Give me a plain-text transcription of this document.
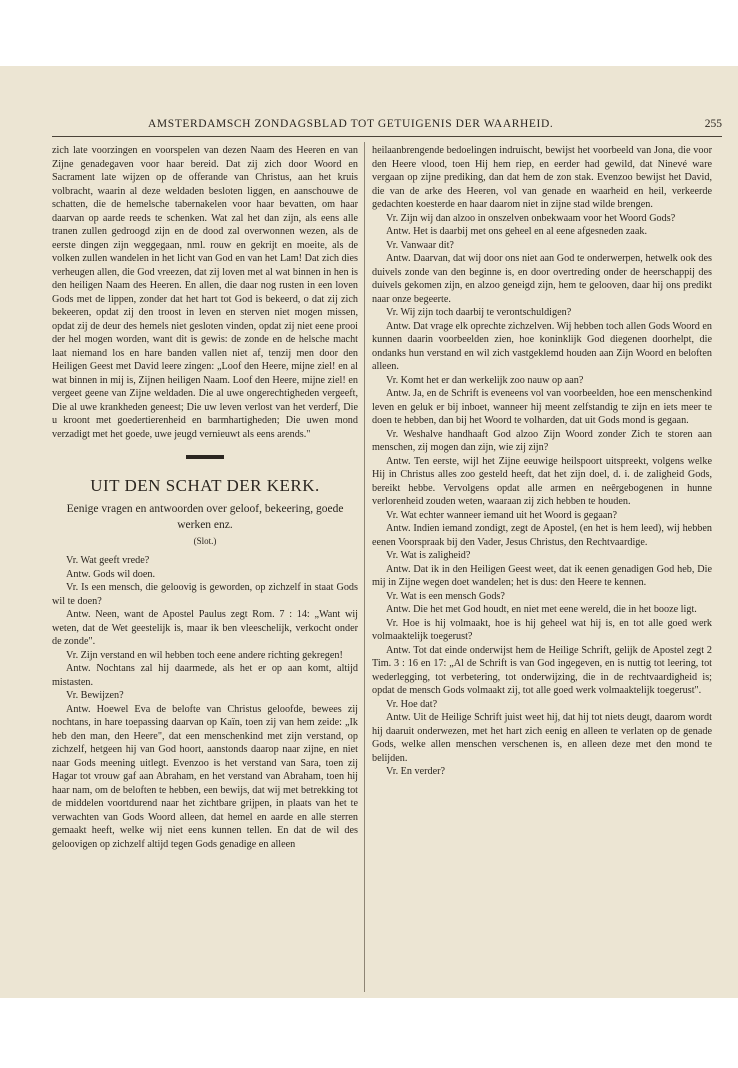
AMSTERDAMSCH ZONDAGSBLAD TOT GETUIGENIS DER WAARHEID.	255

zich late voorzingen en voorspelen van dezen Naam des Heeren en van Zijne genadegaven voor haar bereid. Dat zij zich door Woord en Sacrament late wijzen op de offerande van Christus, aan het kruis volbracht, waarin al deze weldaden besloten liggen, en aanschouwe de schatten, die de hemelsche tabernakelen voor haar bevatten, om haar daarvan op aarde reeds te schenken. Wat zal het dan zijn, als eens alle tranen zullen gedroogd zijn en de dood zal overwonnen wezen, als de eerste dingen zijn weggegaan, nml. rouw en gekrijt en moeite, als de volken zullen wandelen in het licht van God en van het Lam! Dat zich dies verheugen allen, die God vreezen, dat zij loven met al wat binnen in hen is den heiligen Naam des Heeren. En allen, die daar nog rusten in een loven Gods met de lippen, zonder dat het hart tot God is bekeerd, o dat zij zich bekeeren, opdat zij den troost in leven en sterven niet mogen missen, opdat zij de deur des hemels niet gesloten vinden, opdat zij niet eene prooi der hel mogen worden, want dit is gewis: de zonde en de helsche macht laat niemand los en hare banden vallen niet af, tenzij men door den Heiligen Geest met David leere zingen: „Loof den Heere, mijne ziel! en al wat binnen in mij is, Zijnen heiligen Naam. Loof den Heere, mijne ziel! en vergeet geene van Zijne weldaden. Die al uwe ongerechtigheden vergeeft, Die al uwe krankheden geneest; Die uw leven verlost van het verderf, Die u kroont met goedertierenheid en barmhartigheden; Die uwen mond verzadigt met het goede, uwe jeugd vernieuwt als eens arends."

UIT DEN SCHAT DER KERK.
Eenige vragen en antwoorden over geloof, bekeering, goede werken enz.
(Slot.)

Vr. Wat geeft vrede?

Antw. Gods wil doen.

Vr. Is een mensch, die geloovig is geworden, op zichzelf in staat Gods wil te doen?

Antw. Neen, want de Apostel Paulus zegt Rom. 7 : 14: „Want wij weten, dat de Wet geestelijk is, maar ik ben vleeschelijk, verkocht onder de zonde".

Vr. Zijn verstand en wil hebben toch eene andere richting gekregen!

Antw. Nochtans zal hij daarmede, als het er op aan komt, altijd mistasten.

Vr. Bewijzen?

Antw. Hoewel Eva de belofte van Christus geloofde, bewees zij nochtans, in hare toepassing daarvan op Kaïn, toen zij van hem zeide: „Ik heb den man, den Heere", dat een menschenkind met zijn verstand, op zichzelf, hetgeen hij van God hoort, aanstonds daarop naar zijne, en niet naar Gods meening uitlegt. Evenzoo is het verstand van Sara, toen zij Hagar tot vrouw gaf aan Abraham, en het verstand van Abraham, toen hij haar nam, om de beloften te hebben, een bewijs, dat wij met betrekking tot de middelen voortdurend naar het zichtbare grijpen, in plaats van het te verwachten van Gods Woord alleen, dat hemel en aarde en alle sterren gemaakt heeft, welke wij niet eens kunnen tellen. En dat de wil des geloovigen op zichzelf altijd tegen Gods genadige en alleen

heilaanbrengende bedoelingen indruischt, bewijst het voorbeeld van Jona, die voor den Heere vlood, toen Hij hem riep, en eerder had gewild, dat Ninevé ware vergaan op zijne prediking, dan dat hem de zon stak. Evenzoo bewijst het David, die van de arke des Heeren, vol van genade en waarheid en heil, verkeerde gedachten koesterde en haar daarom niet in zijne stad wilde brengen.

Vr. Zijn wij dan alzoo in onszelven onbekwaam voor het Woord Gods?

Antw. Het is daarbij met ons geheel en al eene afgesneden zaak.

Vr. Vanwaar dit?

Antw. Daarvan, dat wij door ons niet aan God te onderwerpen, hetwelk ook des duivels zonde van den beginne is, en door overtreding onder de heerschappij des duivels gekomen zijn, en alzoo geneigd zijn, hem te gelooven, daar hij ons predikt naar onze begeerte.

Vr. Wij zijn toch daarbij te verontschuldigen?

Antw. Dat vrage elk oprechte zichzelven. Wij hebben toch allen Gods Woord en kunnen daarin voorbeelden zien, hoe koninklijk God diegenen doorhelpt, die ondanks hun verstand en wil zich vastgeklemd houden aan Zijn Woord en beloften alleen.

Vr. Komt het er dan werkelijk zoo nauw op aan?

Antw. Ja, en de Schrift is eveneens vol van voorbeelden, hoe een menschenkind leven en geluk er bij inboet, wanneer hij meent zelfstandig te zijn en iets meer te doen te hebben, dan bij het Woord te volharden, dat uit Gods mond is gegaan.

Vr. Weshalve handhaaft God alzoo Zijn Woord zonder Zich te storen aan menschen, zij mogen dan zijn, wie zij zijn?

Antw. Ten eerste, wijl het Zijne eeuwige heilspoort uitspreekt, volgens welke Hij in Christus alles zoo gesteld heeft, dat het zijn doel, d. i. de zaligheid Gods, bereikt hebbe. Vervolgens opdat alle armen en neêrgebogenen in hunne verlorenheid zouden weten, waaraan zij zich hebben te houden.

Vr. Wat echter wanneer iemand uit het Woord is gegaan?

Antw. Indien iemand zondigt, zegt de Apostel, (en het is hem leed), wij hebben eenen Voorspraak bij den Vader, Jesus Christus, den Rechtvaardige.

Vr. Wat is zaligheid?

Antw. Dat ik in den Heiligen Geest weet, dat ik eenen genadigen God heb, Die mij in Zijne wegen doet wandelen; het is dus: den Heere te kennen.

Vr. Wat is een mensch Gods?

Antw. Die het met God houdt, en niet met eene wereld, die in het booze ligt.

Vr. Hoe is hij volmaakt, hoe is hij geheel wat hij is, en tot alle goed werk volmaaktelijk toegerust?

Antw. Tot dat einde onderwijst hem de Heilige Schrift, gelijk de Apostel zegt 2 Tim. 3 : 16 en 17: „Al de Schrift is van God ingegeven, en is nuttig tot leering, tot wederlegging, tot verbetering, tot onderwijzing, die in de rechtvaardigheid is; opdat de mensch Gods volmaakt zij, tot alle goed werk volmaaktelijk toegerust".

Vr. Hoe dat?

Antw. Uit de Heilige Schrift juist weet hij, dat hij tot niets deugt, daarom wordt hij daaruit onderwezen, met het hart zich eenig en alleen te verlaten op de genade Gods, welke allen menschen verschenen is, en alleen deze met den mond te belijden.

Vr. En verder?
